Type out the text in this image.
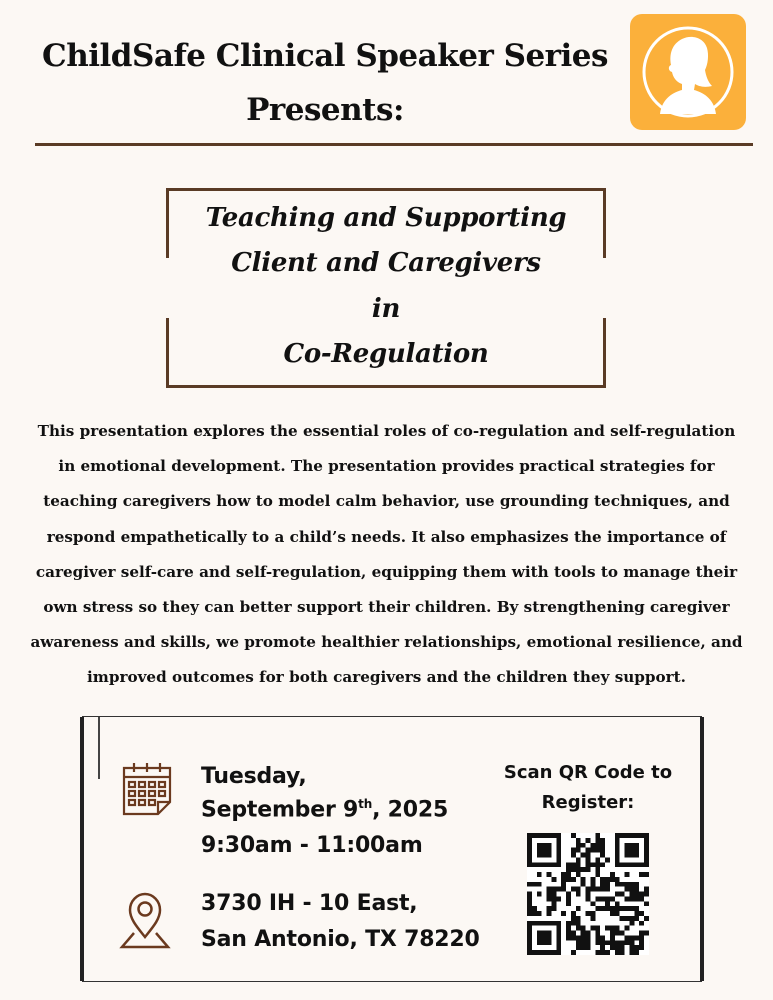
ChildSafe Clinical Speaker Series
Presents:
Teaching and Supporting
Client and Caregivers
in
Co-Regulation
This presentation explores the essential roles of co-regulation and self-regulation in emotional development. The presentation provides practical strategies for teaching caregivers how to model calm behavior, use grounding techniques, and respond empathetically to a child’s needs. It also emphasizes the importance of caregiver self-care and self-regulation, equipping them with tools to manage their own stress so they can better support their children. By strengthening caregiver awareness and skills, we promote healthier relationships, emotional resilience, and improved outcomes for both caregivers and the children they support.
Tuesday,
September 9th, 2025
9:30am - 11:00am
3730 IH - 10 East,
San Antonio, TX 78220
Scan QR Code to
Register:
